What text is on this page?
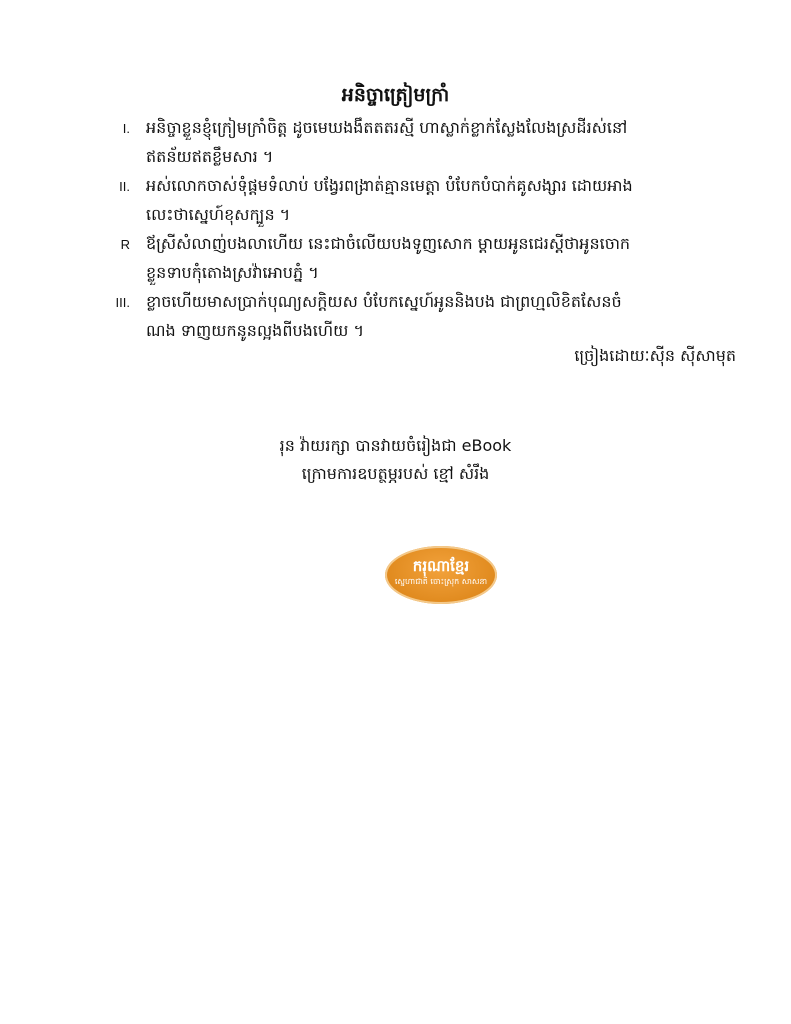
អនិច្ចាត្រៀមក្រាំ
I. អនិច្ចាខ្លួនខ្ញុំក្រៀមក្រាំចិត្ត ដូចមេឃងងឹតតតរស្មី ហាស្លាក់ខ្លាក់ស្លែងលែងស្រដីរស់នៅ
ឥតន័យឥតខ្លឹមសារ ។
II. អស់លោកចាស់ទុំផ្តមទំលាប់ បង្វែរពង្រាត់គ្មានមេត្តា បំបែកបំបាក់គូសង្សារ ដោយអាង
លេះថាស្នេហ៍ខុសក្បួន ។
R ឪស្រីសំលាញ់បងលាហើយ នេះជាចំលើយបងទូញសោក ម្តាយអូនជេរស្តីថាអូនចោក
ខ្លួនទាបកុំតោងស្រវ៉ាអោបភ្នំ ។
III. ខ្លាចហើយមាសប្រាក់បុណ្យសក្តិយស បំបែកស្នេហ៍អូននិងបង ជាព្រហ្មលិខិតសែនចំ
ណង ទាញយកនូនល្អងពីបងហើយ ។
ច្រៀងដោយៈស៊ីន ស៊ីសាមុត
រុន វ៉ាយរក្សា បានវាយចំរៀងជា eBook
ក្រោមការឧបត្ថម្ភរបស់ ខ្មៅ សំរឹង
ករុណាខ្មែរ
ស្នេហាជាតិ ចោះស្រុក សាសនា
